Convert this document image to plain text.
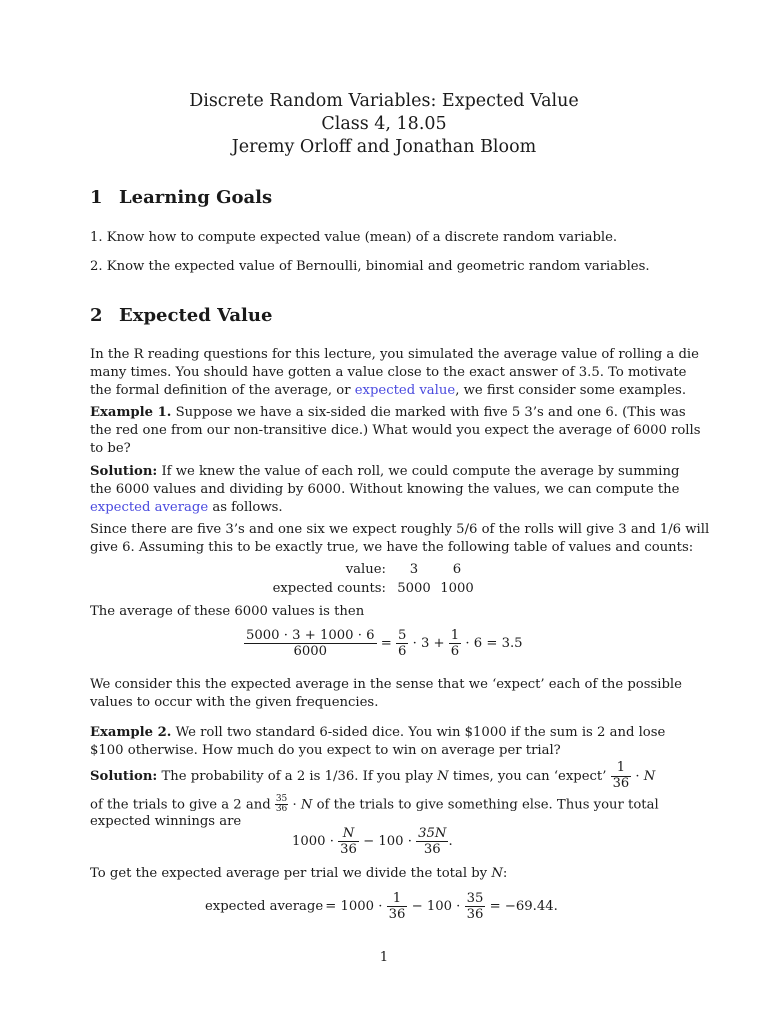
Discrete Random Variables: Expected Value
Class 4, 18.05
Jeremy Orloff and Jonathan Bloom
1 Learning Goals
1. Know how to compute expected value (mean) of a discrete random variable.
2. Know the expected value of Bernoulli, binomial and geometric random variables.
2 Expected Value
In the R reading questions for this lecture, you simulated the average value of rolling a die
many times. You should have gotten a value close to the exact answer of 3.5. To motivate
the formal definition of the average, or expected value, we first consider some examples.
Example 1. Suppose we have a six-sided die marked with five 5 3’s and one 6. (This was
the red one from our non-transitive dice.) What would you expect the average of 6000 rolls
to be?
Solution: If we knew the value of each roll, we could compute the average by summing
the 6000 values and dividing by 6000. Without knowing the values, we can compute the
expected average as follows.
Since there are five 3’s and one six we expect roughly 5/6 of the rolls will give 3 and 1/6 will
give 6. Assuming this to be exactly true, we have the following table of values and counts:
value:	3	6
expected counts:	5000	1000
The average of these 6000 values is then
$\frac{5000 \cdot 3 + 1000 \cdot 6}{6000} = \frac{5}{6} \cdot 3 + \frac{1}{6} \cdot 6 = 3.5$
We consider this the expected average in the sense that we ‘expect’ each of the possible
values to occur with the given frequencies.
Example 2. We roll two standard 6-sided dice. You win $1000 if the sum is 2 and lose
$100 otherwise. How much do you expect to win on average per trial?
Solution: The probability of a 2 is 1/36. If you play N times, you can ‘expect’ $\frac{1}{36} \cdot N$
of the trials to give a 2 and $\frac{35}{36} \cdot N$ of the trials to give something else. Thus your total
expected winnings are
$1000 \cdot \frac{N}{36} - 100 \cdot \frac{35N}{36}$ .
To get the expected average per trial we divide the total by N:
expected average = $1000 \cdot \frac{1}{36} - 100 \cdot \frac{35}{36} = -69.44$.
1
